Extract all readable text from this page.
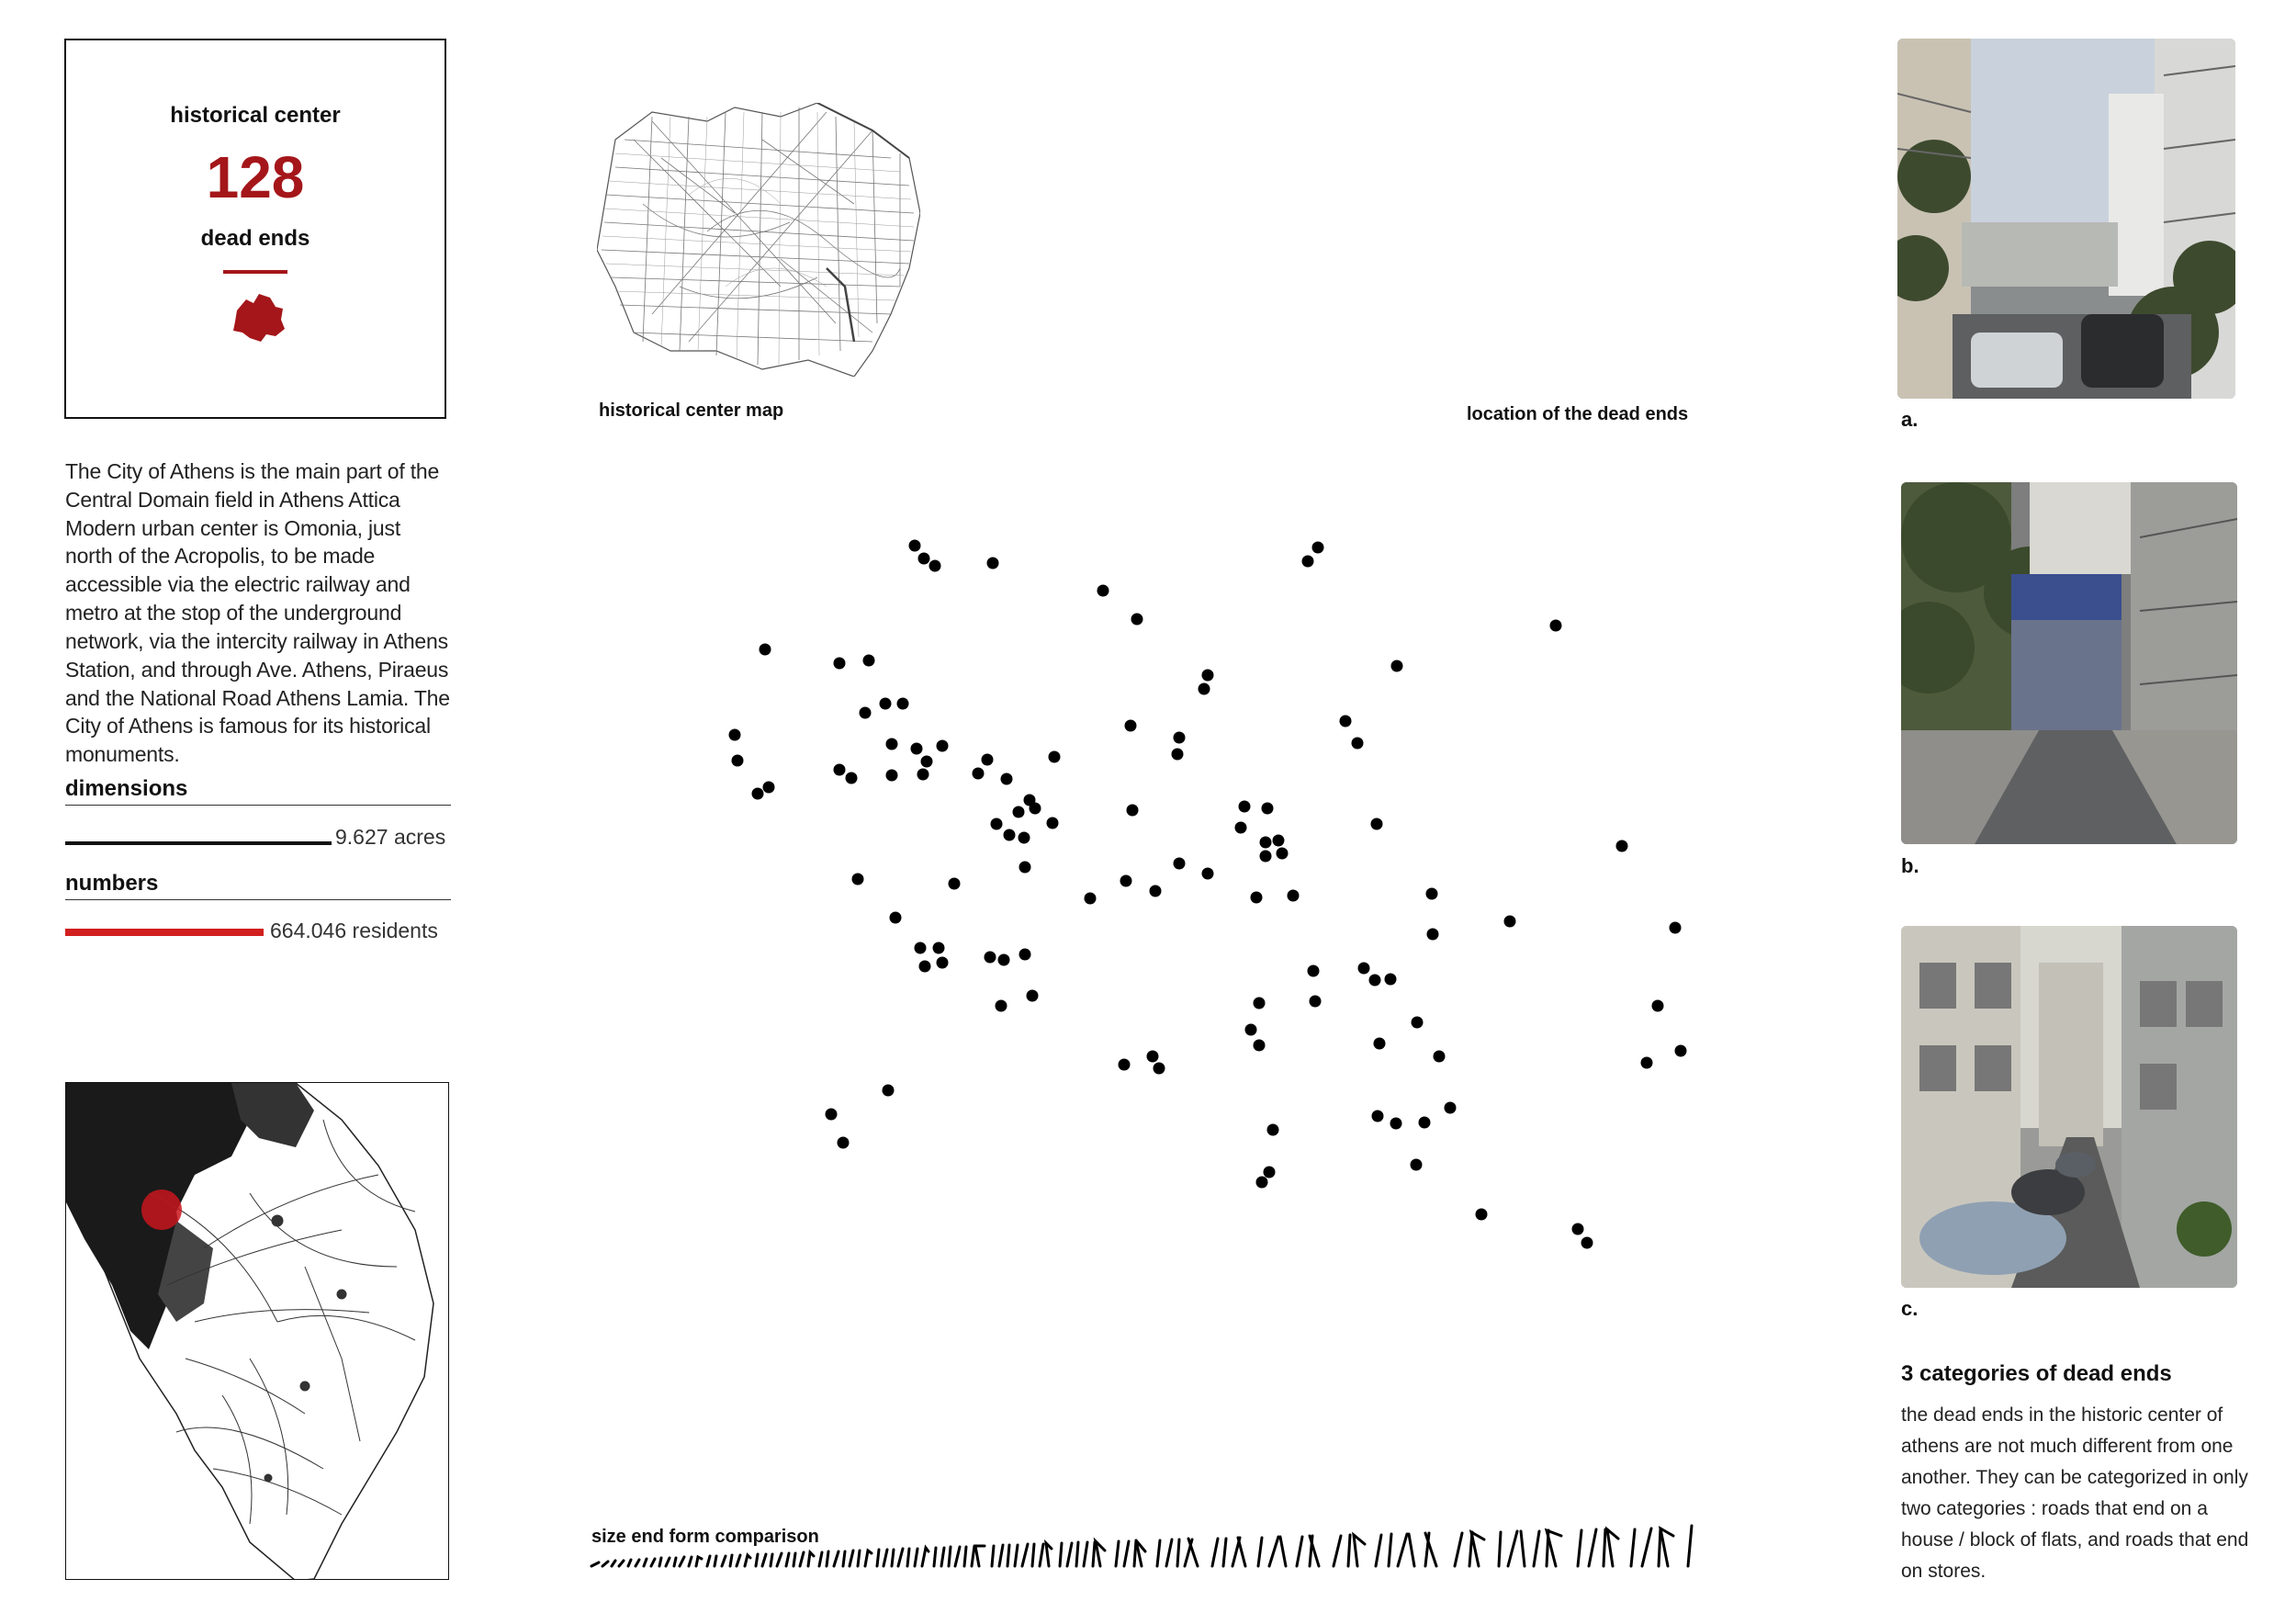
historical center
128
dead ends
The City of Athens is the main part of the Central Domain field in Athens Attica Modern urban center is Omonia, just north of the Acropolis, to be made accessible via the electric railway and metro at the stop of the underground network, via the intercity railway in Athens Station, and through Ave. Athens, Piraeus and the National Road Athens Lamia. The City of Athens is famous for its historical monuments.
dimensions
9.627 acres
numbers
664.046 residents
historical center map	location of the dead ends
size end form comparison
a.
b.
c.
3 categories of dead ends
the dead ends in the historic center of athens are not much different from one another. They can be categorized in only two categories : roads that end on a house / block of flats, and roads that end on stores.
